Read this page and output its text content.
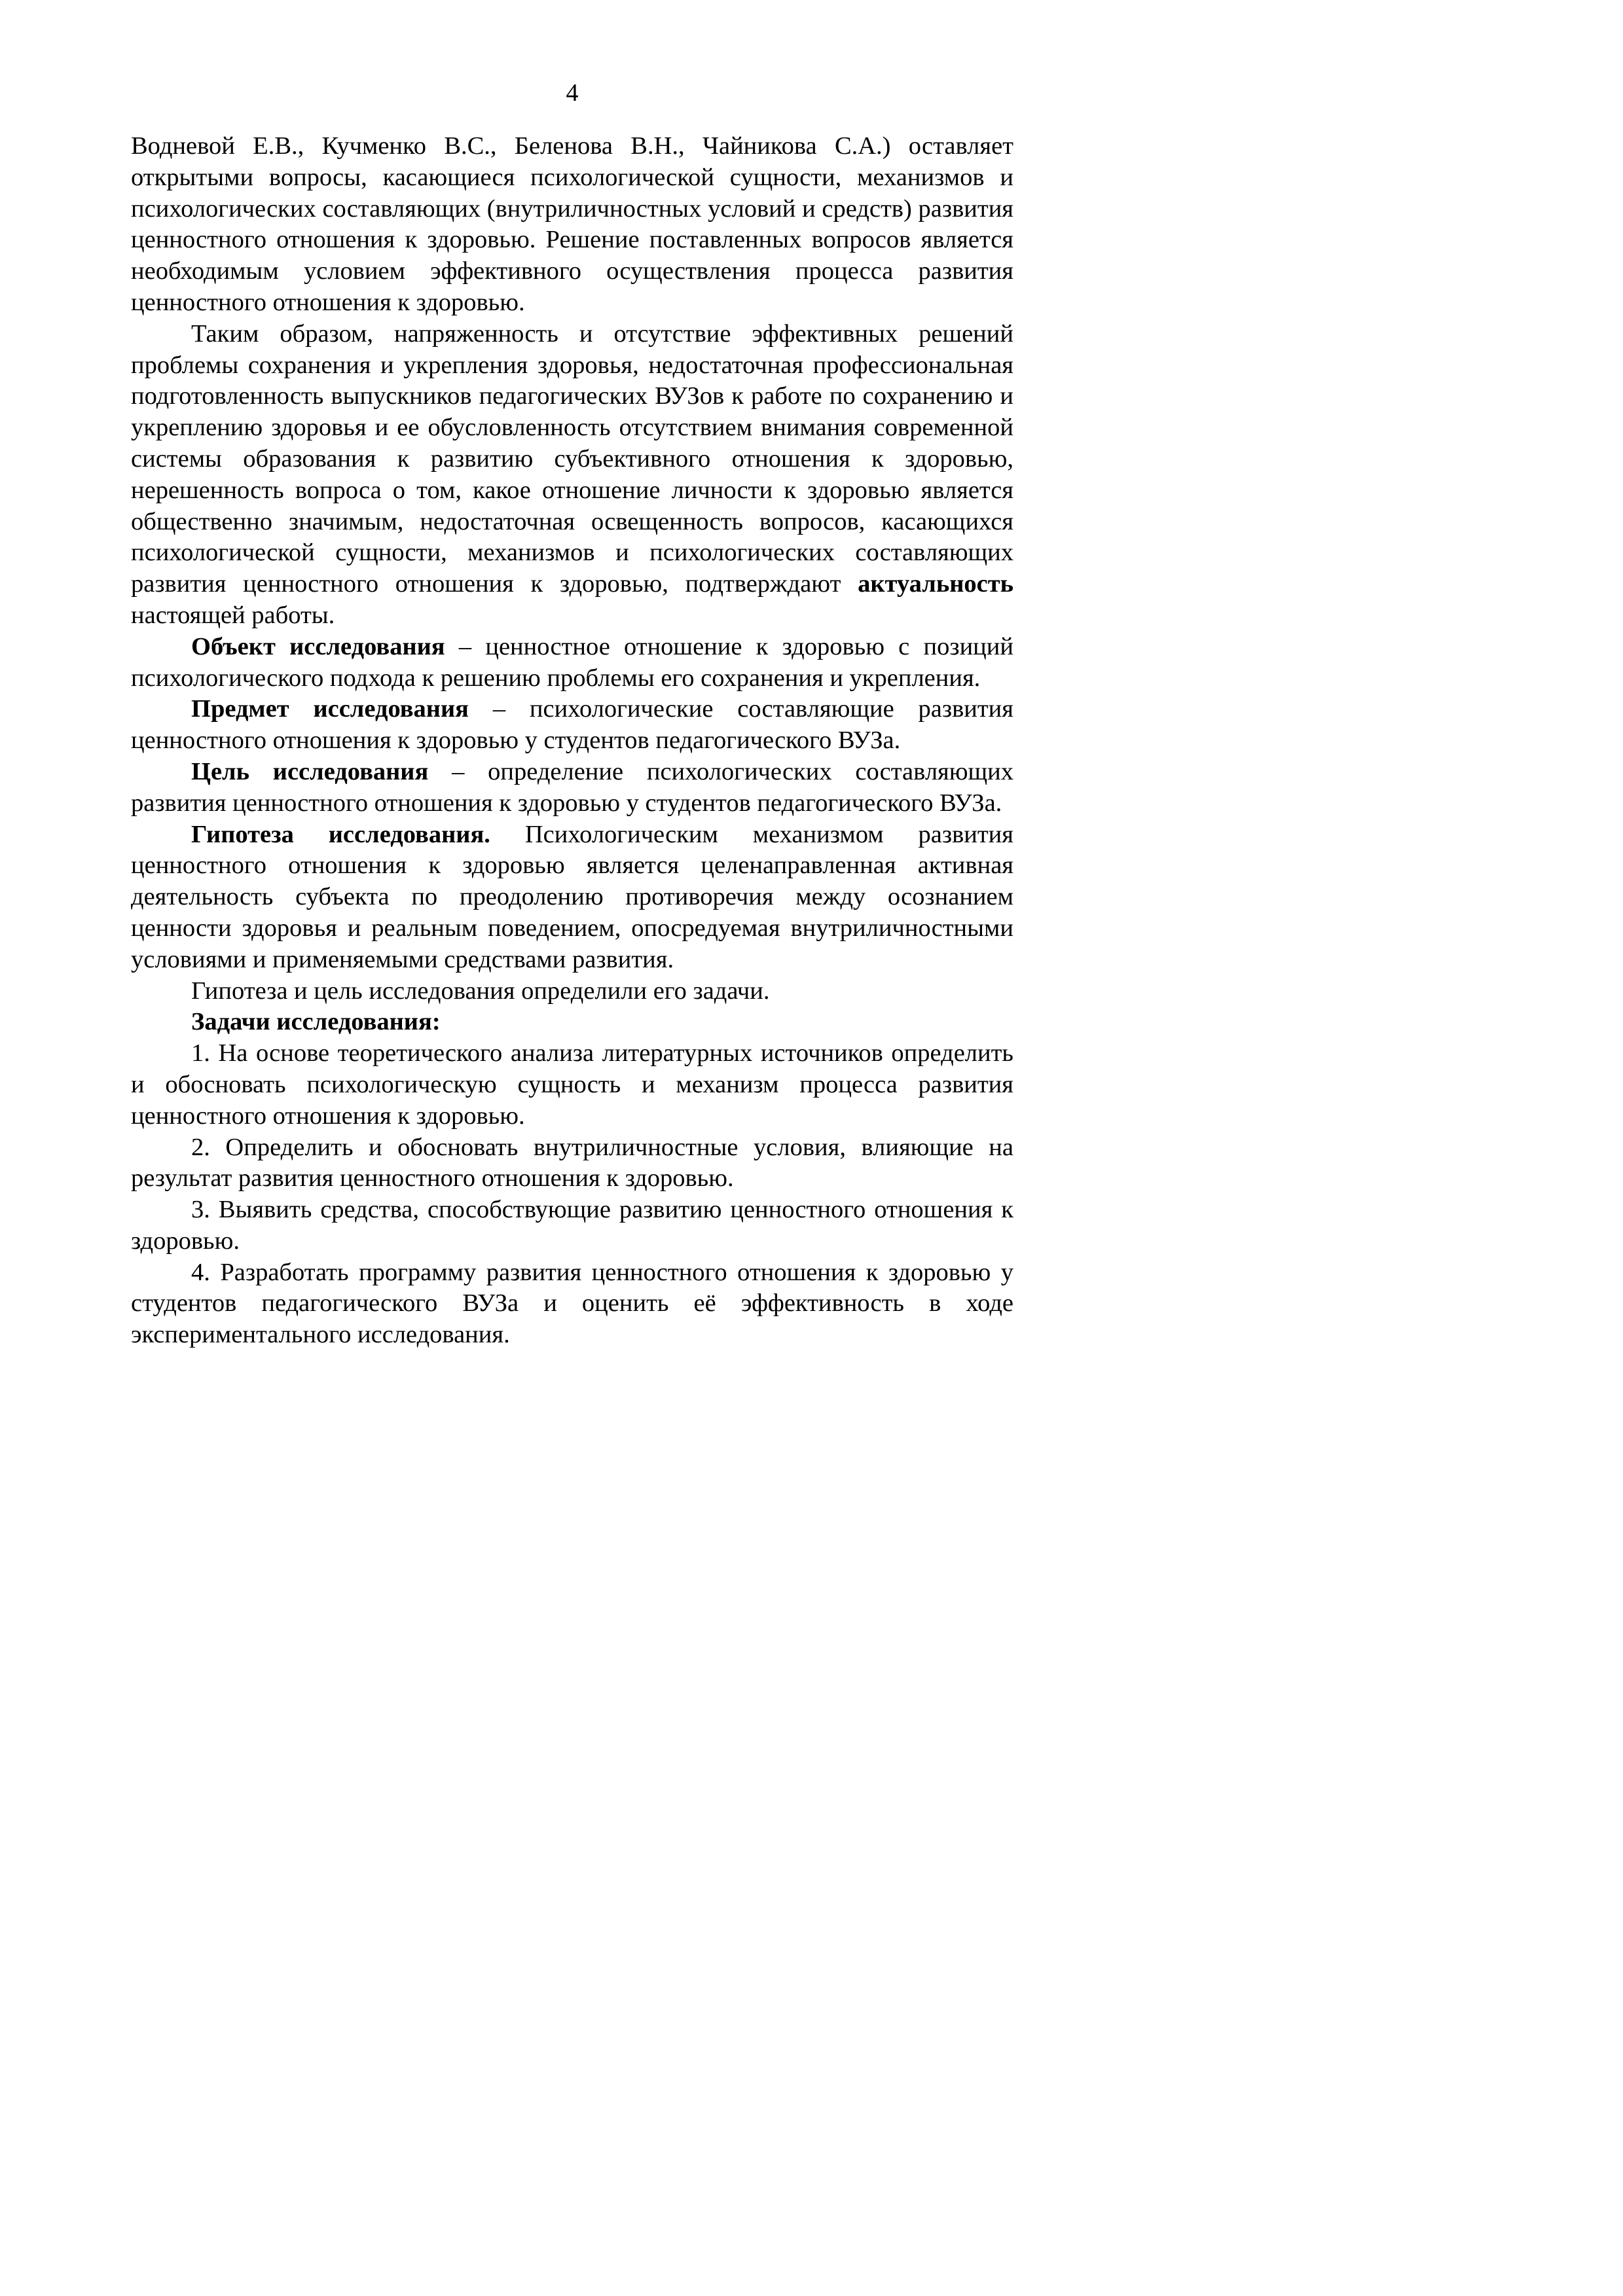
4

Водневой Е.В., Кучменко В.С., Беленова В.Н., Чайникова С.А.) оставляет открытыми вопросы, касающиеся психологической сущности, механизмов и психологических составляющих (внутриличностных условий и средств) развития ценностного отношения к здоровью. Решение поставленных вопросов является необходимым условием эффективного осуществления процесса развития ценностного отношения к здоровью.

Таким образом, напряженность и отсутствие эффективных решений проблемы сохранения и укрепления здоровья, недостаточная профессиональная подготовленность выпускников педагогических ВУЗов к работе по сохранению и укреплению здоровья и ее обусловленность отсутствием внимания современной системы образования к развитию субъективного отношения к здоровью, нерешенность вопроса о том, какое отношение личности к здоровью является общественно значимым, недостаточная освещенность вопросов, касающихся психологической сущности, механизмов и психологических составляющих развития ценностного отношения к здоровью, подтверждают актуальность настоящей работы.

Объект исследования – ценностное отношение к здоровью с позиций психологического подхода к решению проблемы его сохранения и укрепления.

Предмет исследования – психологические составляющие развития ценностного отношения к здоровью у студентов педагогического ВУЗа.

Цель исследования – определение психологических составляющих развития ценностного отношения к здоровью у студентов педагогического ВУЗа.

Гипотеза исследования. Психологическим механизмом развития ценностного отношения к здоровью является целенаправленная активная деятельность субъекта по преодолению противоречия между осознанием ценности здоровья и реальным поведением, опосредуемая внутриличностными условиями и применяемыми средствами развития.

Гипотеза и цель исследования определили его задачи.

Задачи исследования:

1. На основе теоретического анализа литературных источников определить и обосновать психологическую сущность и механизм процесса развития ценностного отношения к здоровью.

2. Определить и обосновать внутриличностные условия, влияющие на результат развития ценностного отношения к здоровью.

3. Выявить средства, способствующие развитию ценностного отношения к здоровью.

4. Разработать программу развития ценностного отношения к здоровью у студентов педагогического ВУЗа и оценить её эффективность в ходе экспериментального исследования.
